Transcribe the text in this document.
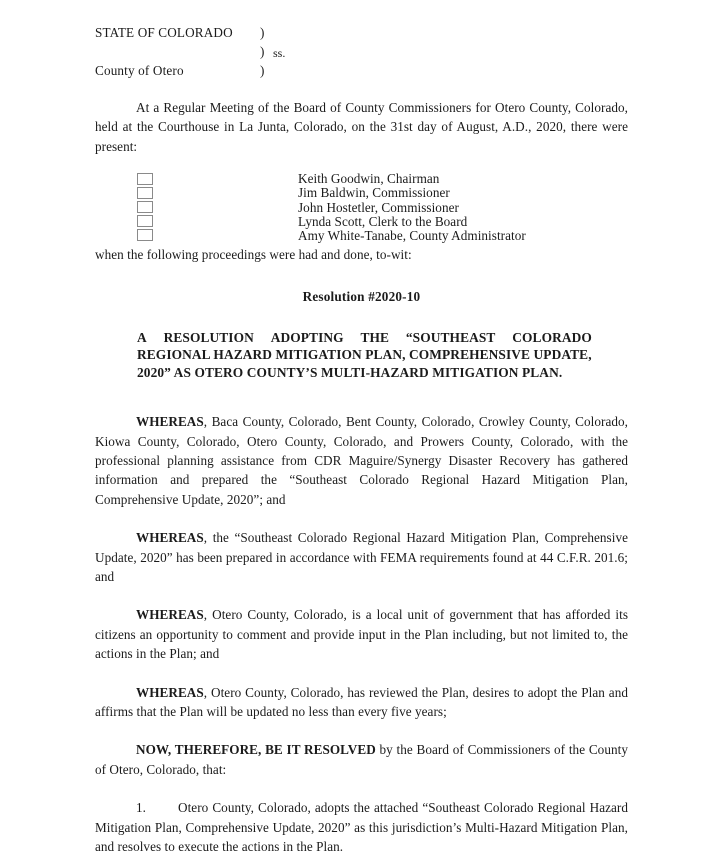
STATE OF COLORADO
County of Otero
)
)
)
ss.

At a Regular Meeting of the Board of County Commissioners for Otero County, Colorado, held at the Courthouse in La Junta, Colorado, on the 31st day of August, A.D., 2020, there were present:

Keith Goodwin, Chairman
Jim Baldwin, Commissioner
John Hostetler, Commissioner
Lynda Scott, Clerk to the Board
Amy White-Tanabe, County Administrator

when the following proceedings were had and done, to-wit:

Resolution #2020-10
A RESOLUTION ADOPTING THE “SOUTHEAST COLORADO
REGIONAL HAZARD MITIGATION PLAN, COMPREHENSIVE UPDATE,
2020” AS OTERO COUNTY’S MULTI-HAZARD MITIGATION PLAN.

WHEREAS, Baca County, Colorado, Bent County, Colorado, Crowley County, Colorado, Kiowa County, Colorado, Otero County, Colorado, and Prowers County, Colorado, with the professional planning assistance from CDR Maguire/Synergy Disaster Recovery has gathered information and prepared the “Southeast Colorado Regional Hazard Mitigation Plan, Comprehensive Update, 2020”; and

WHEREAS, the “Southeast Colorado Regional Hazard Mitigation Plan, Comprehensive Update, 2020” has been prepared in accordance with FEMA requirements found at 44 C.F.R. 201.6; and

WHEREAS, Otero County, Colorado, is a local unit of government that has afforded its citizens an opportunity to comment and provide input in the Plan including, but not limited to, the actions in the Plan; and

WHEREAS, Otero County, Colorado, has reviewed the Plan, desires to adopt the Plan and affirms that the Plan will be updated no less than every five years;

NOW, THEREFORE, BE IT RESOLVED by the Board of Commissioners of the County of Otero, Colorado, that:

1. Otero County, Colorado, adopts the attached “Southeast Colorado Regional Hazard Mitigation Plan, Comprehensive Update, 2020” as this jurisdiction’s Multi-Hazard Mitigation Plan, and resolves to execute the actions in the Plan.
